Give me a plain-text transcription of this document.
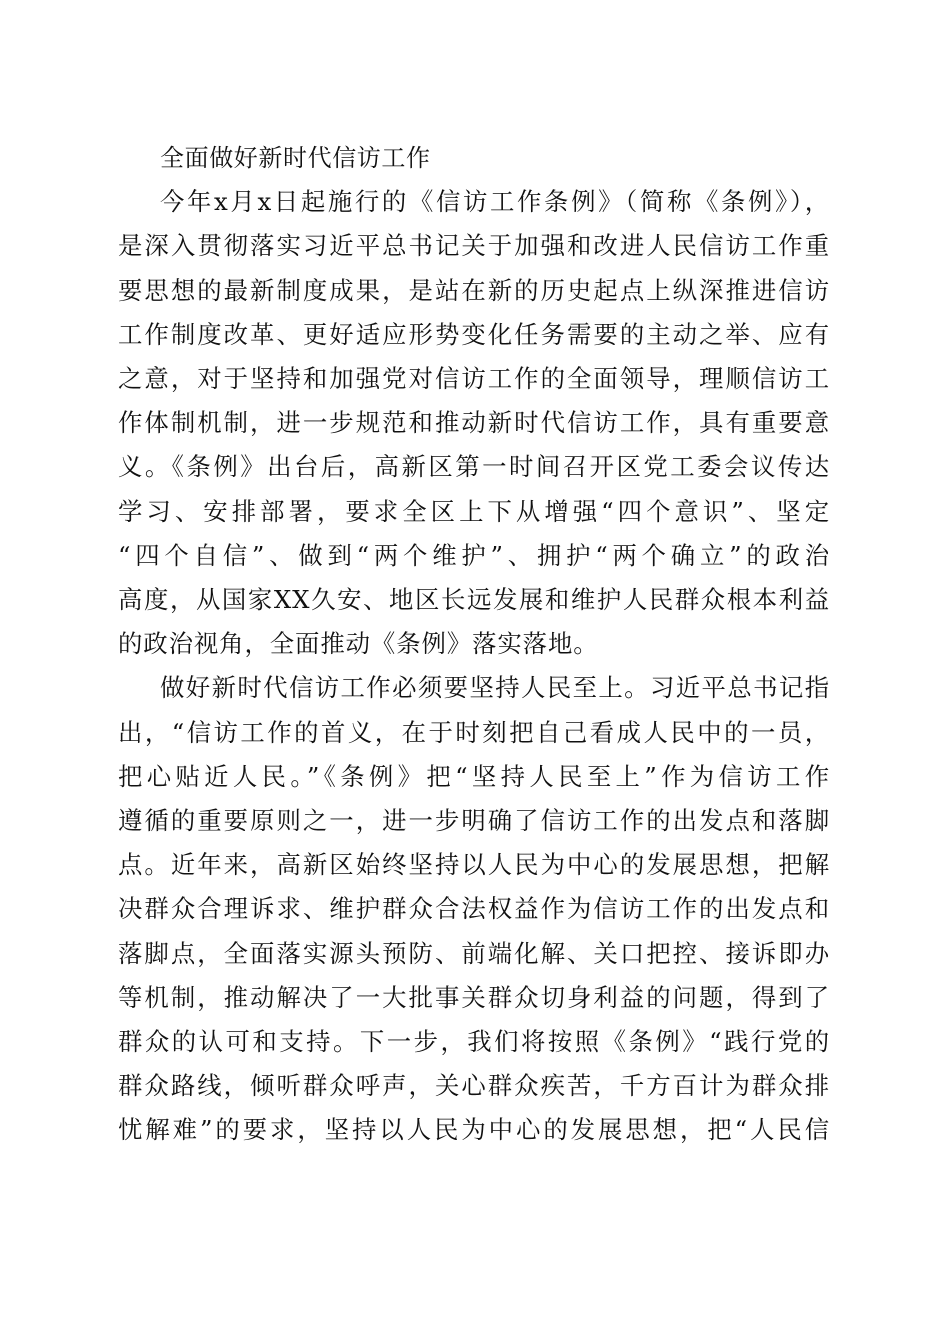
全面做好新时代信访工作

今年x月x日起施行的《信访工作条例》（简称《条例》），
是深入贯彻落实习近平总书记关于加强和改进人民信访工作重
要思想的最新制度成果，是站在新的历史起点上纵深推进信访
工作制度改革、更好适应形势变化任务需要的主动之举、应有
之意，对于坚持和加强党对信访工作的全面领导，理顺信访工
作体制机制，进一步规范和推动新时代信访工作，具有重要意
义。《条例》出台后，高新区第一时间召开区党工委会议传达
学习、安排部署，要求全区上下从增强“四个意识”、坚定
“四个自信”、做到“两个维护”、拥护“两个确立”的政治
高度，从国家XX久安、地区长远发展和维护人民群众根本利益
的政治视角，全面推动《条例》落实落地。

做好新时代信访工作必须要坚持人民至上。习近平总书记指
出，“信访工作的首义，在于时刻把自己看成人民中的一员，
把心贴近人民。”《条例》把“坚持人民至上”作为信访工作
遵循的重要原则之一，进一步明确了信访工作的出发点和落脚
点。近年来，高新区始终坚持以人民为中心的发展思想，把解
决群众合理诉求、维护群众合法权益作为信访工作的出发点和
落脚点，全面落实源头预防、前端化解、关口把控、接诉即办
等机制，推动解决了一大批事关群众切身利益的问题，得到了
群众的认可和支持。下一步，我们将按照《条例》“践行党的
群众路线，倾听群众呼声，关心群众疾苦，千方百计为群众排
忧解难”的要求，坚持以人民为中心的发展思想，把“人民信
